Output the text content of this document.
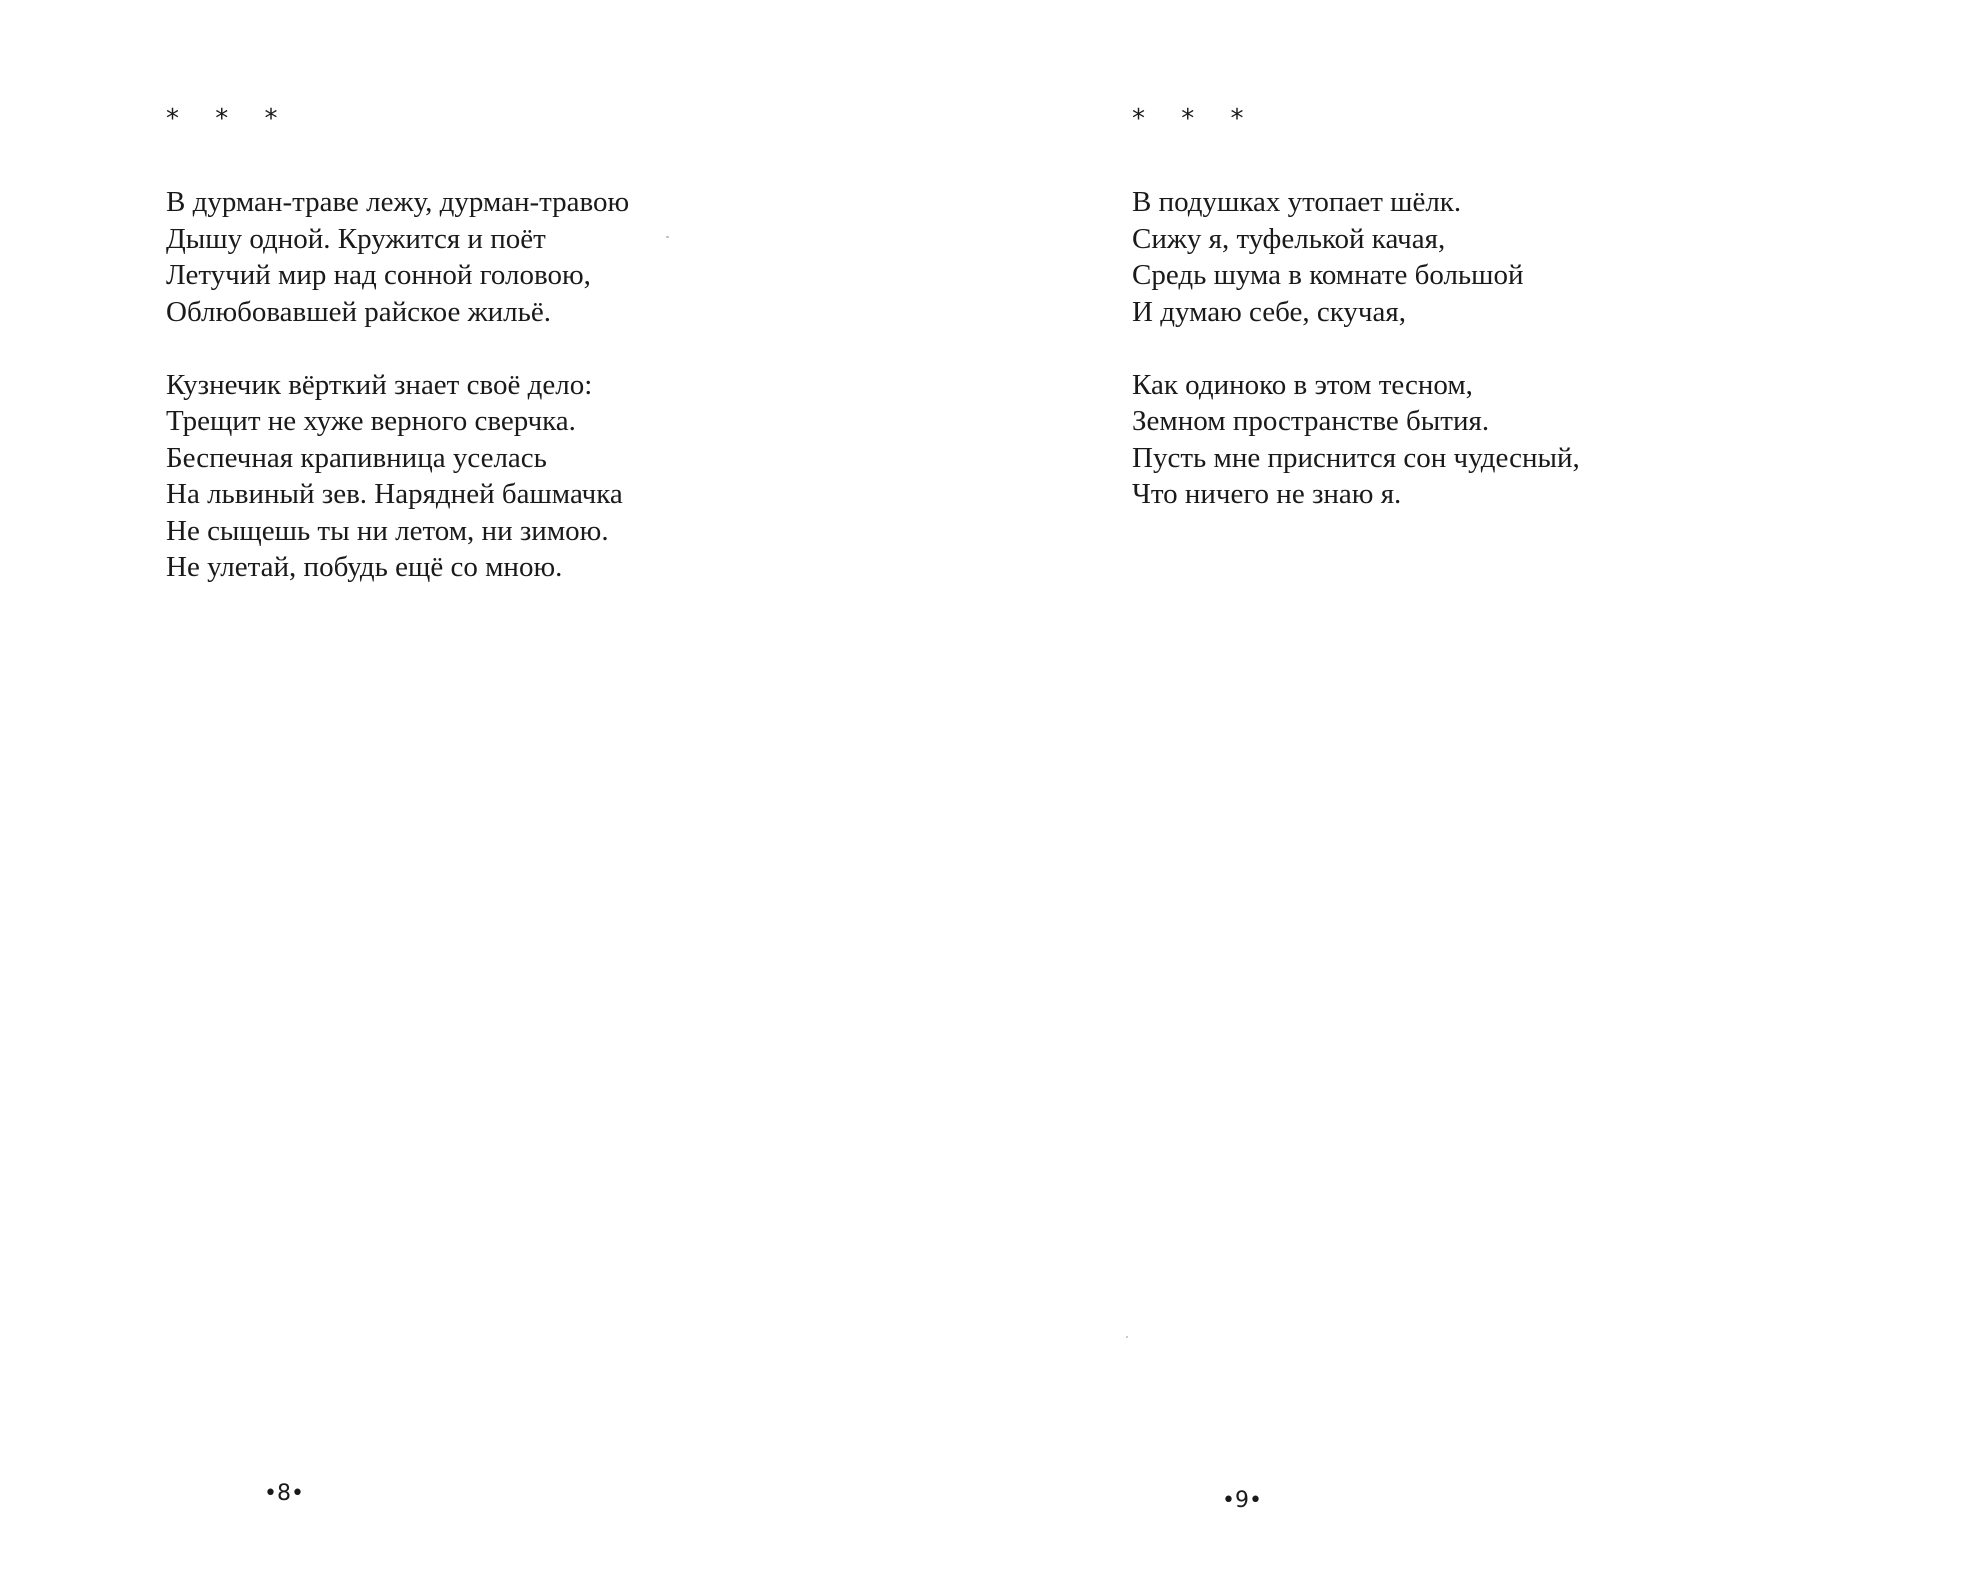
* * *

В дурман-траве лежу, дурман-травою
Дышу одной. Кружится и поёт
Летучий мир над сонной головою,
Облюбовавшей райское жильё.

Кузнечик вёрткий знает своё дело:
Трещит не хуже верного сверчка.
Беспечная крапивница уселась
На львиный зев. Нарядней башмачка
Не сыщешь ты ни летом, ни зимою.
Не улетай, побудь ещё со мною.

•8•
* * *

В подушках утопает шёлк.
Сижу я, туфелькой качая,
Средь шума в комнате большой
И думаю себе, скучая,

Как одиноко в этом тесном,
Земном пространстве бытия.
Пусть мне приснится сон чудесный,
Что ничего не знаю я.

•9•
